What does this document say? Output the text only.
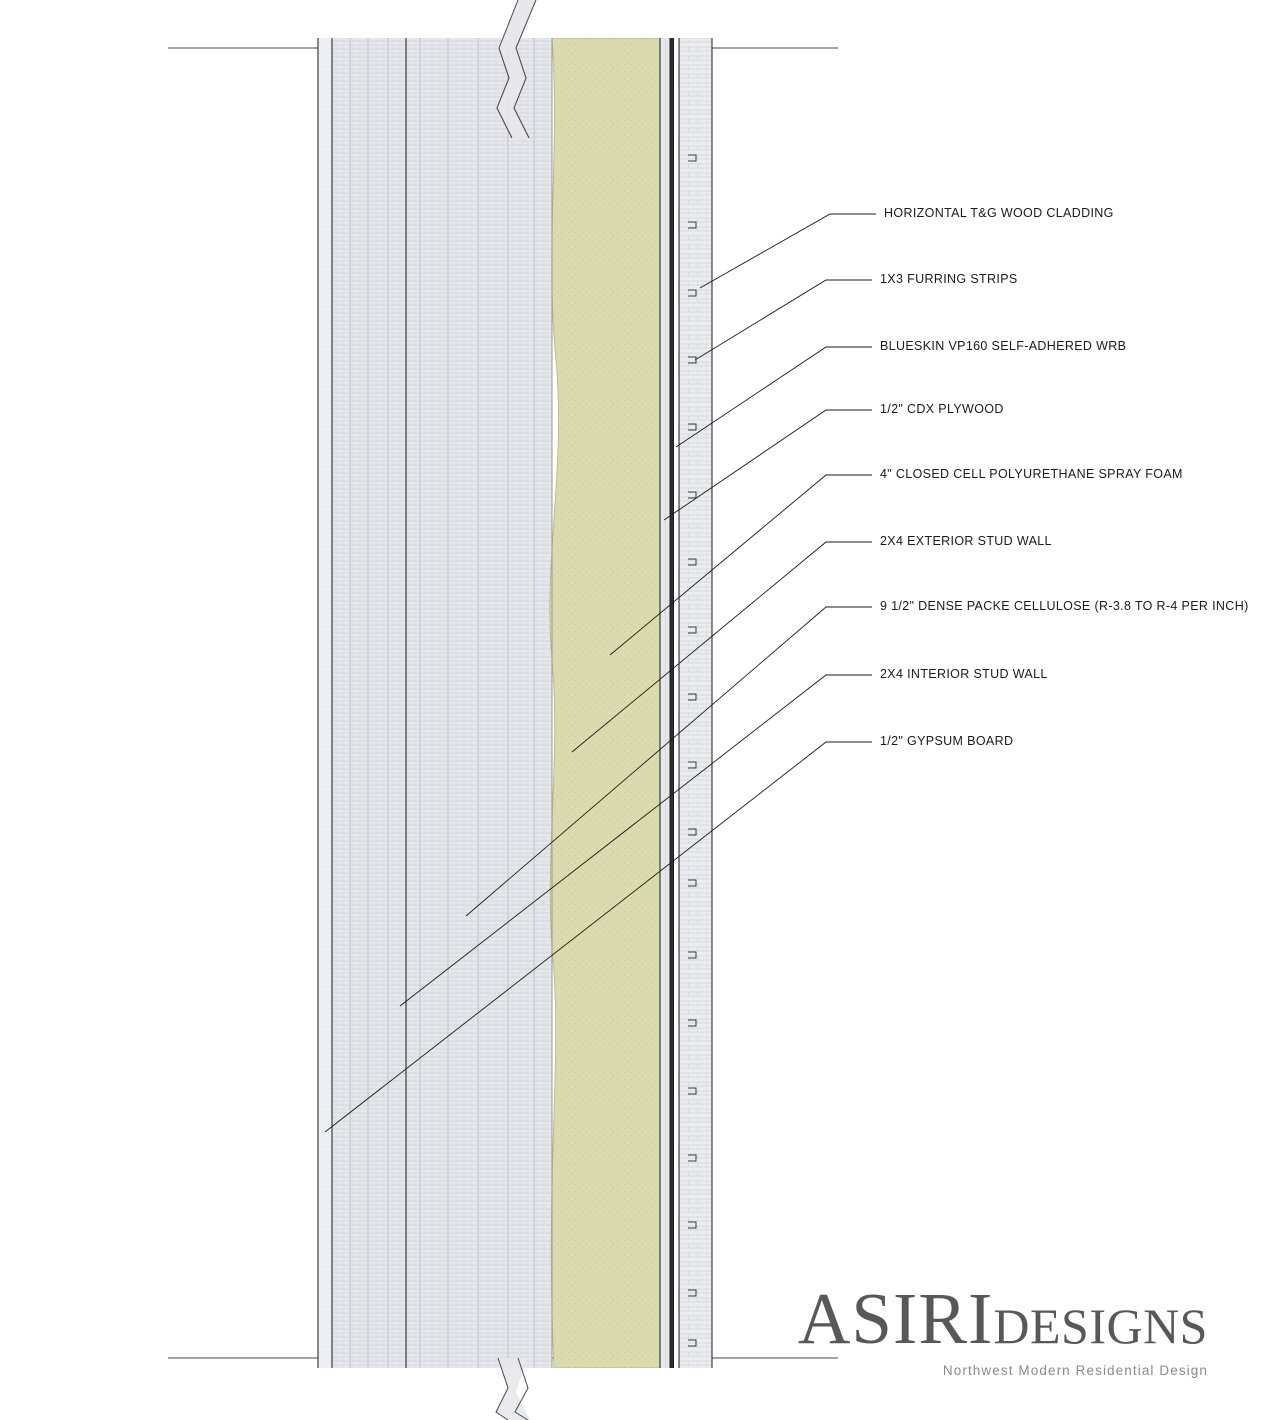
HORIZONTAL T&G WOOD CLADDING
1X3 FURRING STRIPS
BLUESKIN VP160 SELF-ADHERED WRB
1/2" CDX PLYWOOD
4" CLOSED CELL POLYURETHANE SPRAY FOAM
2X4 EXTERIOR STUD WALL
9 1/2" DENSE PACKE CELLULOSE (R-3.8 TO R-4 PER INCH)
2X4 INTERIOR STUD WALL
1/2" GYPSUM BOARD
ASIRIDESIGNS
Northwest Modern Residential Design
